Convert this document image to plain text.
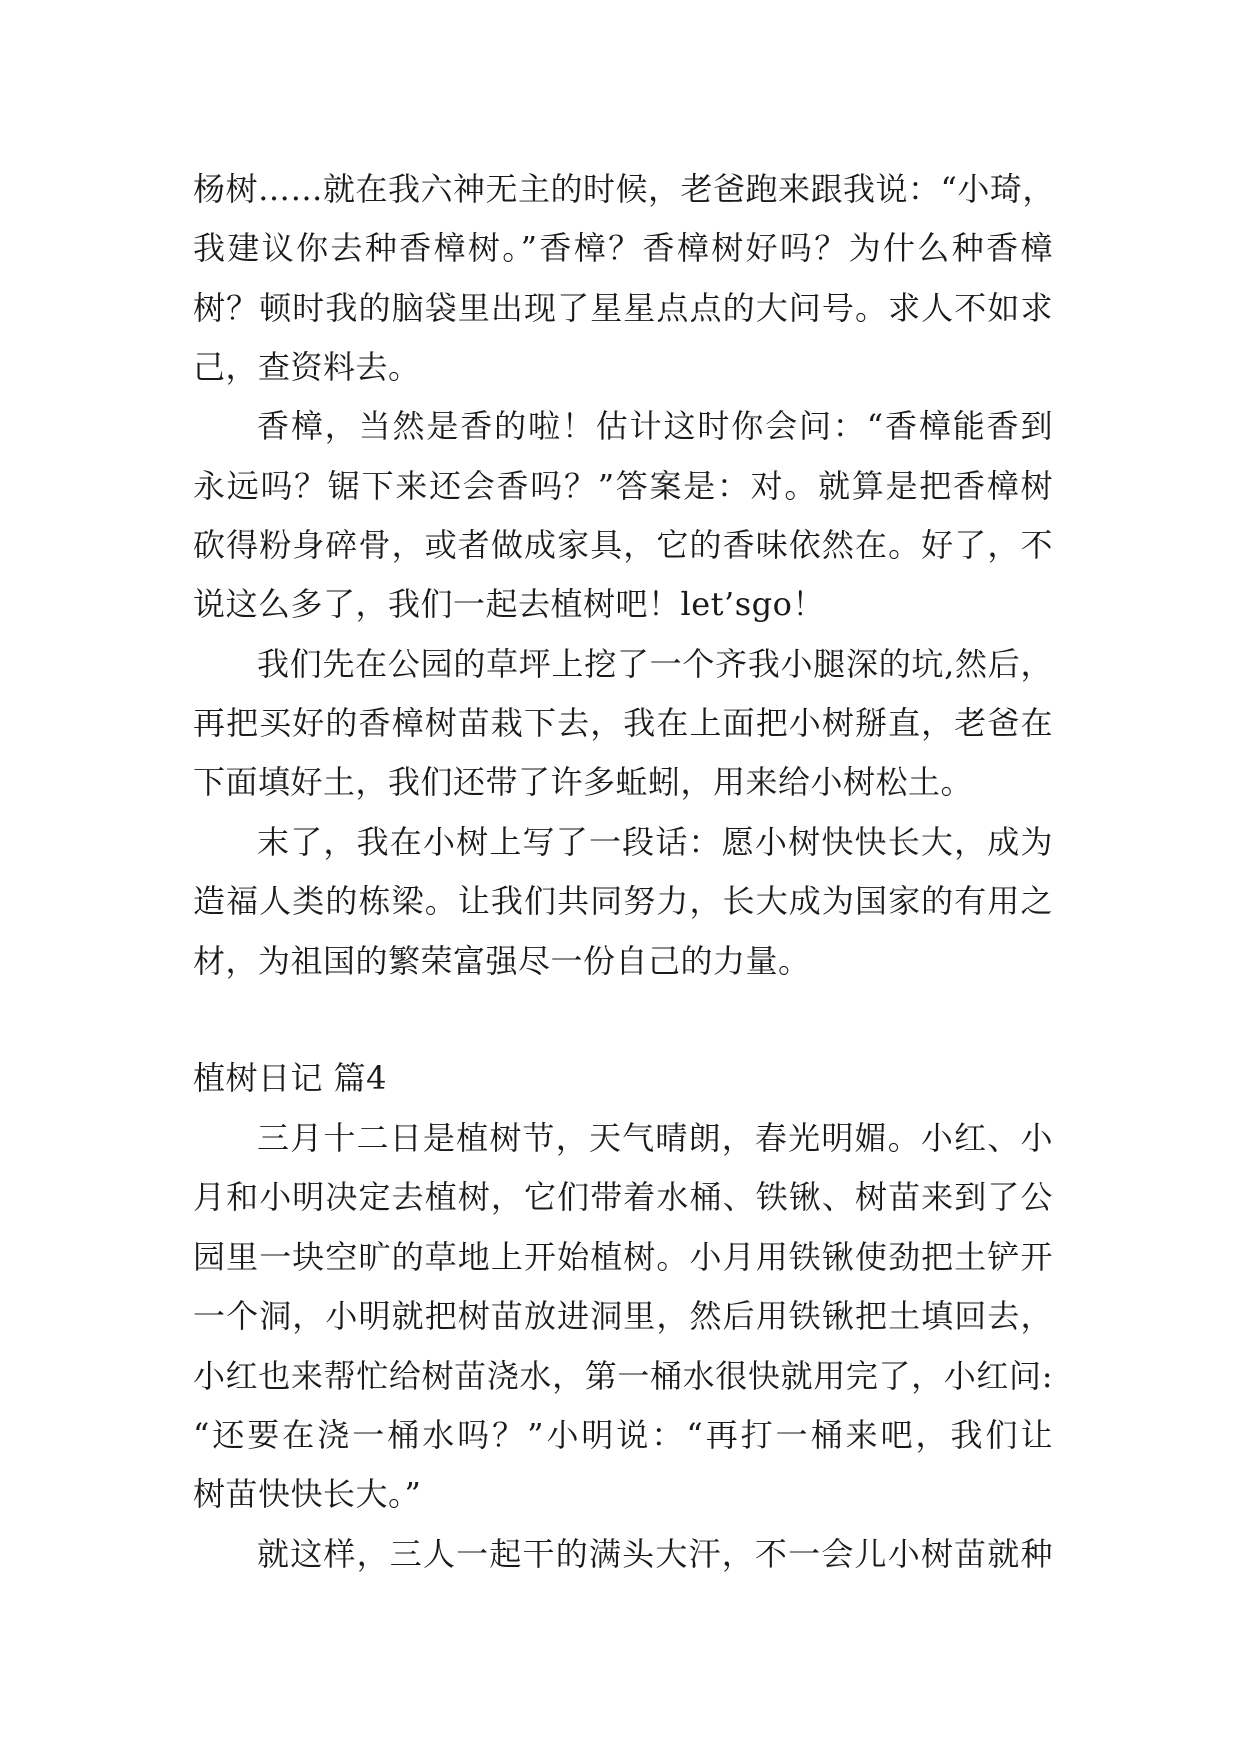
杨树……就在我六神无主的时候，老爸跑来跟我说：“小琦，
我建议你去种香樟树。”香樟？香樟树好吗？为什么种香樟
树？顿时我的脑袋里出现了星星点点的大问号。求人不如求
己，查资料去。
香樟，当然是香的啦！估计这时你会问：“香樟能香到
永远吗？锯下来还会香吗？”答案是：对。就算是把香樟树
砍得粉身碎骨，或者做成家具，它的香味依然在。好了，不
说这么多了，我们一起去植树吧！let’sgo！
我们先在公园的草坪上挖了一个齐我小腿深的坑,然后，
再把买好的香樟树苗栽下去，我在上面把小树掰直，老爸在
下面填好土，我们还带了许多蚯蚓，用来给小树松土。
末了，我在小树上写了一段话：愿小树快快长大，成为
造福人类的栋梁。让我们共同努力，长大成为国家的有用之
材，为祖国的繁荣富强尽一份自己的力量。
植树日记 篇4
三月十二日是植树节，天气晴朗，春光明媚。小红、小
月和小明决定去植树，它们带着水桶、铁锹、树苗来到了公
园里一块空旷的草地上开始植树。小月用铁锹使劲把土铲开
一个洞，小明就把树苗放进洞里，然后用铁锹把土填回去，
小红也来帮忙给树苗浇水，第一桶水很快就用完了，小红问:
“还要在浇一桶水吗？”小明说：“再打一桶来吧，我们让
树苗快快长大。”
就这样，三人一起干的满头大汗，不一会儿小树苗就种
